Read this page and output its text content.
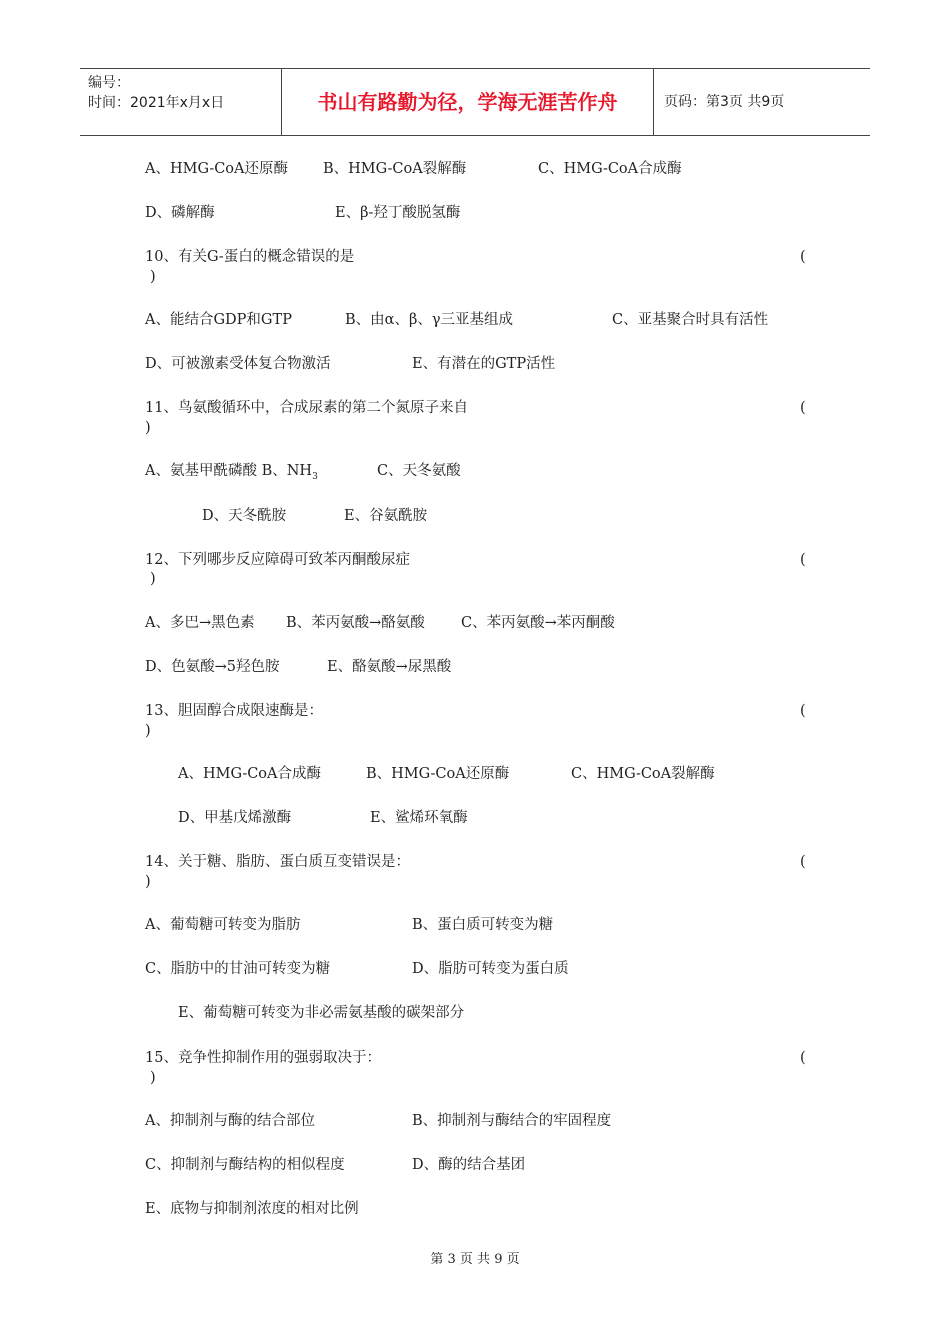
编号：
时间：2021年x月x日	书山有路勤为径，学海无涯苦作舟	页码：第3页 共9页
A、HMG-CoA还原酶 B、HMG-CoA裂解酶	C、HMG-CoA合成酶
D、磷解酶	E、β-羟丁酸脱氢酶
10、有关G-蛋白的概念错误的是	(
)
A、能结合GDP和GTP	B、由α、β、γ三亚基组成	C、亚基聚合时具有活性
D、可被激素受体复合物激活	E、有潜在的GTP活性
11、鸟氨酸循环中，合成尿素的第二个氮原子来自	(
)
A、氨基甲酰磷酸 B、$NH_3$	C、天冬氨酸
D、天冬酰胺	E、谷氨酰胺
12、下列哪步反应障碍可致苯丙酮酸尿症	(
)
A、多巴→黑色素 B、苯丙氨酸→酪氨酸 C、苯丙氨酸→苯丙酮酸
D、色氨酸→5羟色胺	E、酪氨酸→尿黑酸
13、胆固醇合成限速酶是：	(
)
A、HMG-CoA合成酶	B、HMG-CoA还原酶	C、HMG-CoA裂解酶
D、甲基戊烯激酶	E、鲨烯环氧酶
14、关于糖、脂肪、蛋白质互变错误是：	(
)
A、葡萄糖可转变为脂肪	B、蛋白质可转变为糖
C、脂肪中的甘油可转变为糖	D、脂肪可转变为蛋白质
E、葡萄糖可转变为非必需氨基酸的碳架部分
15、竞争性抑制作用的强弱取决于：	(
)
A、抑制剂与酶的结合部位	B、抑制剂与酶结合的牢固程度
C、抑制剂与酶结构的相似程度	D、酶的结合基团
E、底物与抑制剂浓度的相对比例
第 3 页 共 9 页
